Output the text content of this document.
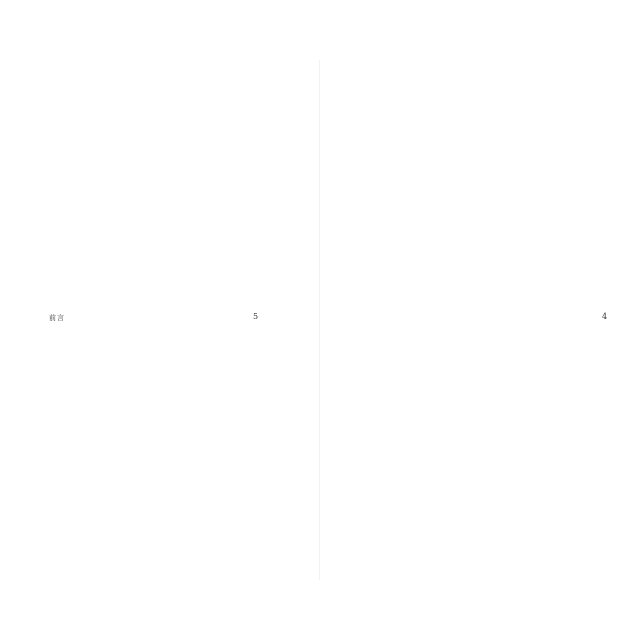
前言	5	4
